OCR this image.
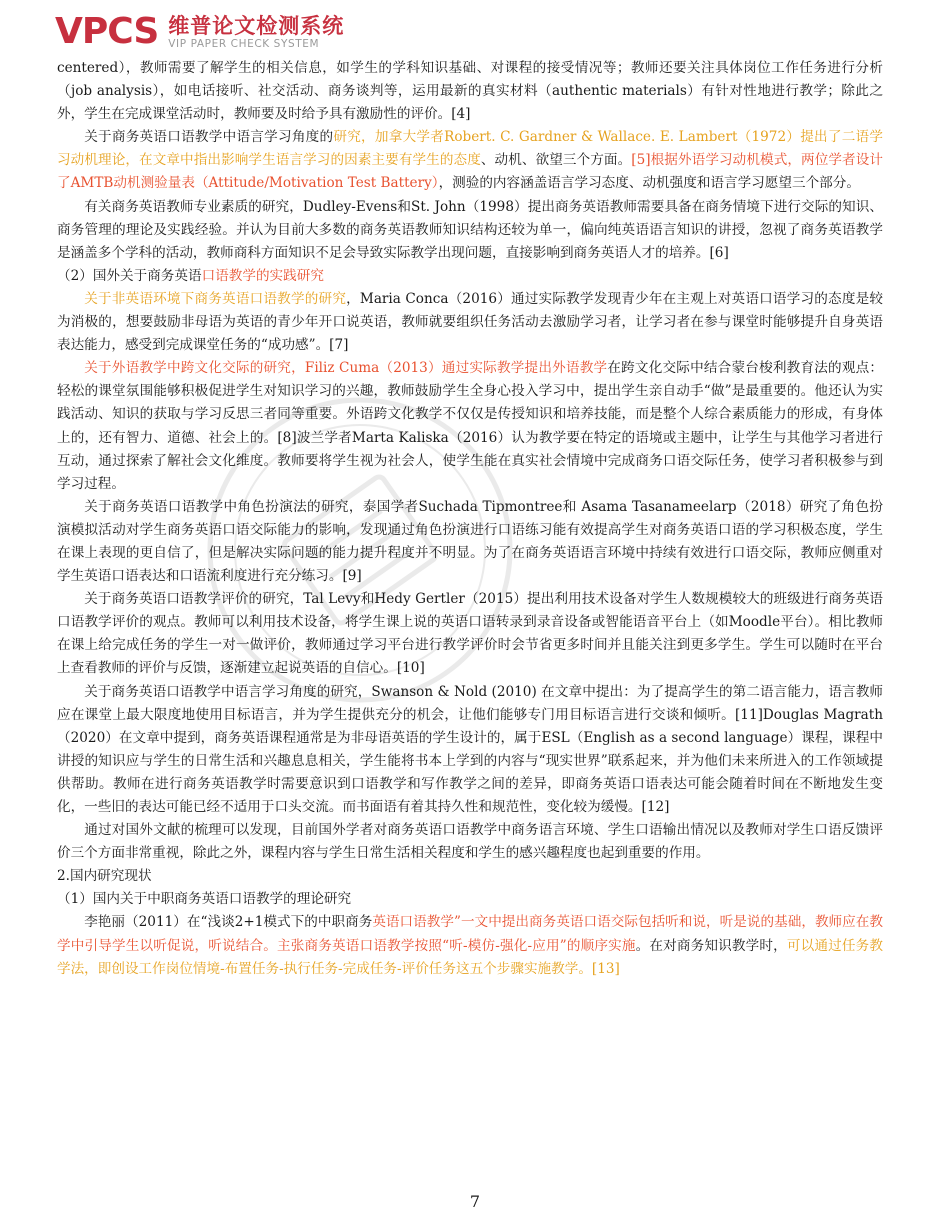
VPCS 维普论文检测系统
VIP PAPER CHECK SYSTEM

centered），教师需要了解学生的相关信息，如学生的学科知识基础、对课程的接受情况等；教师还要关注具体岗位工作任务进行分析（job analysis），如电话接听、社交活动、商务谈判等，运用最新的真实材料（authentic materials）有针对性地进行教学；除此之外，学生在完成课堂活动时，教师要及时给予具有激励性的评价。[4]

关于商务英语口语教学中语言学习角度的研究，加拿大学者Robert. C. Gardner & Wallace. E. Lambert（1972）提出了二语学习动机理论，在文章中指出影响学生语言学习的因素主要有学生的态度、动机、欲望三个方面。[5]根据外语学习动机模式，两位学者设计了AMTB动机测验量表（Attitude/Motivation Test Battery），测验的内容涵盖语言学习态度、动机强度和语言学习愿望三个部分。

有关商务英语教师专业素质的研究，Dudley-Evens和St. John（1998）提出商务英语教师需要具备在商务情境下进行交际的知识、商务管理的理论及实践经验。并认为目前大多数的商务英语教师知识结构还较为单一，偏向纯英语语言知识的讲授，忽视了商务英语教学是涵盖多个学科的活动，教师商科方面知识不足会导致实际教学出现问题，直接影响到商务英语人才的培养。[6]

（2）国外关于商务英语口语教学的实践研究

关于非英语环境下商务英语口语教学的研究，Maria Conca（2016）通过实际教学发现青少年在主观上对英语口语学习的态度是较为消极的，想要鼓励非母语为英语的青少年开口说英语，教师就要组织任务活动去激励学习者，让学习者在参与课堂时能够提升自身英语表达能力，感受到完成课堂任务的“成功感”。[7]

关于外语教学中跨文化交际的研究，Filiz Cuma（2013）通过实际教学提出外语教学在跨文化交际中结合蒙台梭利教育法的观点：轻松的课堂氛围能够积极促进学生对知识学习的兴趣，教师鼓励学生全身心投入学习中，提出学生亲自动手“做”是最重要的。他还认为实践活动、知识的获取与学习反思三者同等重要。外语跨文化教学不仅仅是传授知识和培养技能，而是整个人综合素质能力的形成，有身体上的，还有智力、道德、社会上的。[8]波兰学者Marta Kaliska（2016）认为教学要在特定的语境或主题中，让学生与其他学习者进行互动，通过探索了解社会文化维度。教师要将学生视为社会人，使学生能在真实社会情境中完成商务口语交际任务，使学习者积极参与到学习过程。

关于商务英语口语教学中角色扮演法的研究，泰国学者Suchada Tipmontree和 Asama Tasanameelarp（2018）研究了角色扮演模拟活动对学生商务英语口语交际能力的影响，发现通过角色扮演进行口语练习能有效提高学生对商务英语口语的学习积极态度，学生在课上表现的更自信了，但是解决实际问题的能力提升程度并不明显。为了在商务英语语言环境中持续有效进行口语交际，教师应侧重对学生英语口语表达和口语流利度进行充分练习。[9]

关于商务英语口语教学评价的研究，Tal Levy和Hedy Gertler（2015）提出利用技术设备对学生人数规模较大的班级进行商务英语口语教学评价的观点。教师可以利用技术设备，将学生课上说的英语口语转录到录音设备或智能语音平台上（如Moodle平台）。相比教师在课上给完成任务的学生一对一做评价，教师通过学习平台进行教学评价时会节省更多时间并且能关注到更多学生。学生可以随时在平台上查看教师的评价与反馈，逐渐建立起说英语的自信心。[10]

关于商务英语口语教学中语言学习角度的研究，Swanson & Nold (2010) 在文章中提出：为了提高学生的第二语言能力，语言教师应在课堂上最大限度地使用目标语言，并为学生提供充分的机会，让他们能够专门用目标语言进行交谈和倾听。[11]Douglas Magrath（2020）在文章中提到，商务英语课程通常是为非母语英语的学生设计的，属于ESL（English as a second language）课程，课程中讲授的知识应与学生的日常生活和兴趣息息相关，学生能将书本上学到的内容与“现实世界”联系起来，并为他们未来所进入的工作领域提供帮助。教师在进行商务英语教学时需要意识到口语教学和写作教学之间的差异，即商务英语口语表达可能会随着时间在不断地发生变化，一些旧的表达可能已经不适用于口头交流。而书面语有着其持久性和规范性，变化较为缓慢。[12]

通过对国外文献的梳理可以发现，目前国外学者对商务英语口语教学中商务语言环境、学生口语输出情况以及教师对学生口语反馈评价三个方面非常重视，除此之外，课程内容与学生日常生活相关程度和学生的感兴趣程度也起到重要的作用。

2.国内研究现状

（1）国内关于中职商务英语口语教学的理论研究

李艳丽（2011）在“浅谈2+1模式下的中职商务英语口语教学”一文中提出商务英语口语交际包括听和说，听是说的基础，教师应在教学中引导学生以听促说，听说结合。主张商务英语口语教学按照“听-模仿-强化-应用”的顺序实施。在对商务知识教学时，可以通过任务教学法，即创设工作岗位情境-布置任务-执行任务-完成任务-评价任务这五个步骤实施教学。[13]

7
